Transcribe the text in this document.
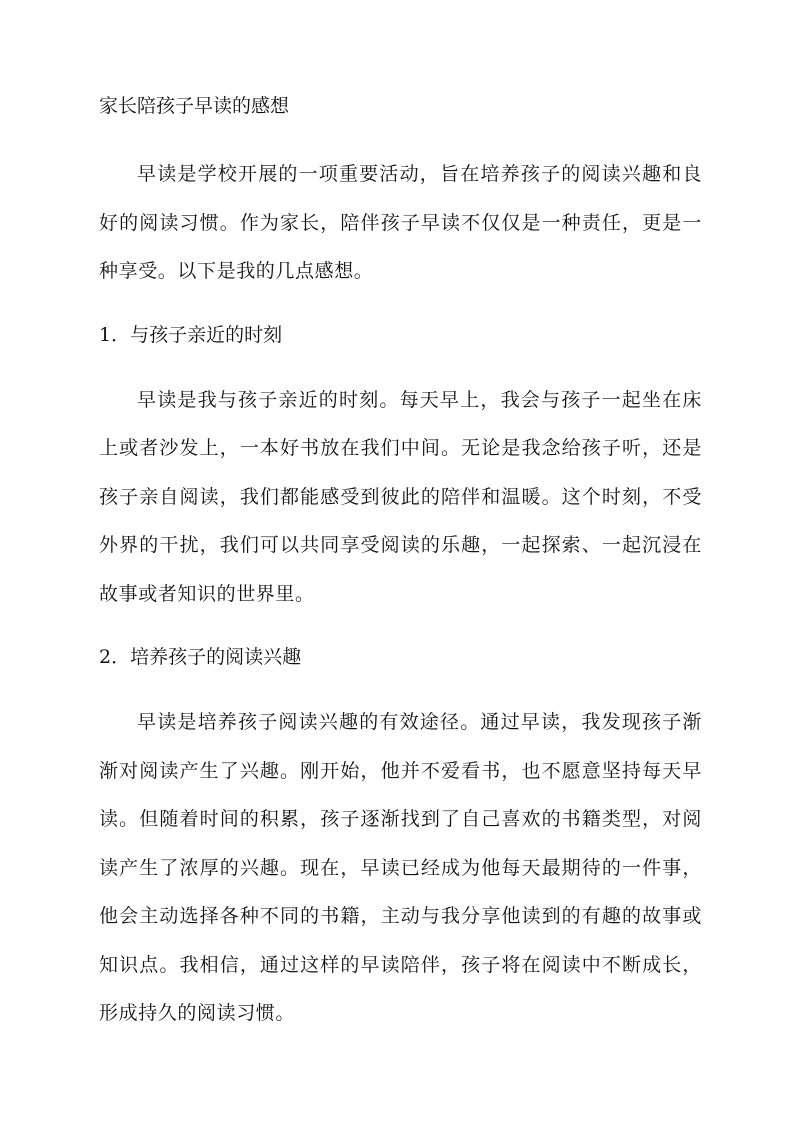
家长陪孩子早读的感想

早读是学校开展的一项重要活动，旨在培养孩子的阅读兴趣和良好的阅读习惯。作为家长，陪伴孩子早读不仅仅是一种责任，更是一种享受。以下是我的几点感想。

1．与孩子亲近的时刻

早读是我与孩子亲近的时刻。每天早上，我会与孩子一起坐在床上或者沙发上，一本好书放在我们中间。无论是我念给孩子听，还是孩子亲自阅读，我们都能感受到彼此的陪伴和温暖。这个时刻，不受外界的干扰，我们可以共同享受阅读的乐趣，一起探索、一起沉浸在故事或者知识的世界里。

2．培养孩子的阅读兴趣

早读是培养孩子阅读兴趣的有效途径。通过早读，我发现孩子渐渐对阅读产生了兴趣。刚开始，他并不爱看书，也不愿意坚持每天早读。但随着时间的积累，孩子逐渐找到了自己喜欢的书籍类型，对阅读产生了浓厚的兴趣。现在，早读已经成为他每天最期待的一件事，他会主动选择各种不同的书籍，主动与我分享他读到的有趣的故事或知识点。我相信，通过这样的早读陪伴，孩子将在阅读中不断成长，形成持久的阅读习惯。
